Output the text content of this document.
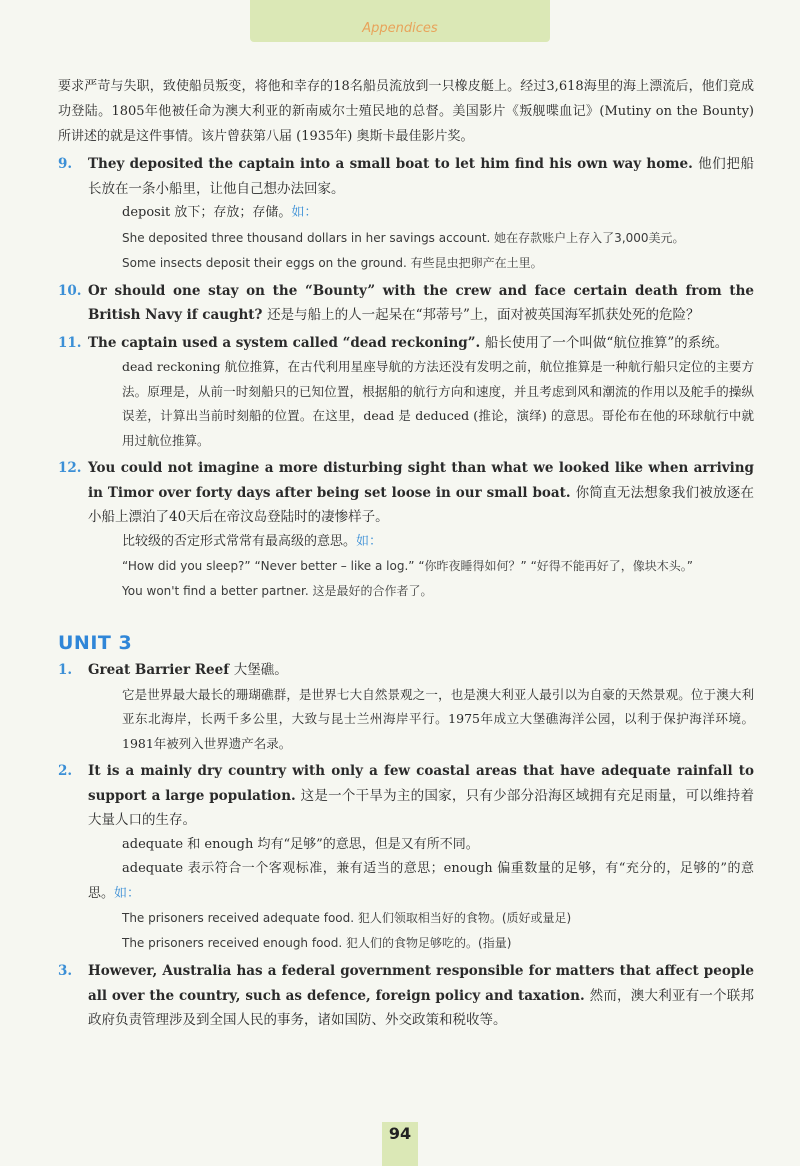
Appendices

要求严苛与失职，致使船员叛变，将他和幸存的18名船员流放到一只橡皮艇上。经过3,618海里的海上漂流后，他们竟成功登陆。1805年他被任命为澳大利亚的新南威尔士殖民地的总督。美国影片《叛舰喋血记》(Mutiny on the Bounty) 所讲述的就是这件事情。该片曾获第八届 (1935年) 奥斯卡最佳影片奖。

9. They deposited the captain into a small boat to let him find his own way home. 他们把船长放在一条小船里，让他自己想办法回家。
deposit 放下；存放；存储。如：
She deposited three thousand dollars in her savings account. 她在存款账户上存入了3,000美元。
Some insects deposit their eggs on the ground. 有些昆虫把卵产在土里。
10. Or should one stay on the “Bounty” with the crew and face certain death from the British Navy if caught? 还是与船上的人一起呆在“邦蒂号”上，面对被英国海军抓获处死的危险？
11. The captain used a system called “dead reckoning”. 船长使用了一个叫做“航位推算”的系统。
dead reckoning 航位推算，在古代利用星座导航的方法还没有发明之前，航位推算是一种航行船只定位的主要方法。原理是，从前一时刻船只的已知位置，根据船的航行方向和速度，并且考虑到风和潮流的作用以及舵手的操纵误差，计算出当前时刻船的位置。在这里，dead 是 deduced (推论，演绎) 的意思。哥伦布在他的环球航行中就用过航位推算。
12. You could not imagine a more disturbing sight than what we looked like when arriving in Timor over forty days after being set loose in our small boat. 你简直无法想象我们被放逐在小船上漂泊了40天后在帝汶岛登陆时的凄惨样子。
比较级的否定形式常常有最高级的意思。如：
“How did you sleep?” “Never better – like a log.” “你昨夜睡得如何？” “好得不能再好了，像块木头。”
You won't find a better partner. 这是最好的合作者了。
UNIT 3
1. Great Barrier Reef 大堡礁。
它是世界最大最长的珊瑚礁群，是世界七大自然景观之一，也是澳大利亚人最引以为自豪的天然景观。位于澳大利亚东北海岸，长两千多公里，大致与昆士兰州海岸平行。1975年成立大堡礁海洋公园，以利于保护海洋环境。1981年被列入世界遗产名录。
2. It is a mainly dry country with only a few coastal areas that have adequate rainfall to support a large population. 这是一个干旱为主的国家，只有少部分沿海区域拥有充足雨量，可以维持着大量人口的生存。
adequate 和 enough 均有“足够”的意思，但是又有所不同。
adequate 表示符合一个客观标准，兼有适当的意思；enough 偏重数量的足够，有“充分的，足够的”的意思。如：
The prisoners received adequate food. 犯人们领取相当好的食物。(质好或量足)
The prisoners received enough food. 犯人们的食物足够吃的。(指量)
3. However, Australia has a federal government responsible for matters that affect people all over the country, such as defence, foreign policy and taxation. 然而，澳大利亚有一个联邦政府负责管理涉及到全国人民的事务，诸如国防、外交政策和税收等。
94
